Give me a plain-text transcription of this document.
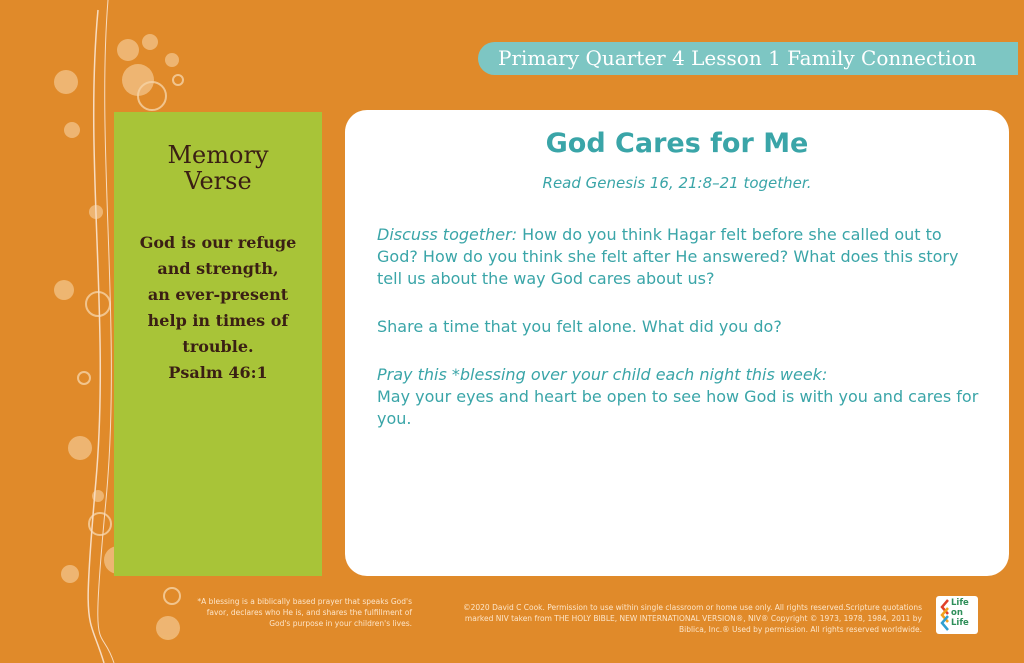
Primary Quarter 4 Lesson 1 Family Connection
Memory
Verse
God is our refuge
and strength,
an ever-present
help in times of
trouble.
Psalm 46:1
God Cares for Me
Read Genesis 16, 21:8–21 together.
Discuss together: How do you think Hagar felt before she called out to God? How do you think she felt after He answered? What does this story tell us about the way God cares about us?
Share a time that you felt alone. What did you do?
Pray this *blessing over your child each night this week:
May your eyes and heart be open to see how God is with you and cares for you.
*A blessing is a biblically based prayer that speaks God's favor, declares who He is, and shares the fulfillment of God's purpose in your children's lives.
©2020 David C Cook. Permission to use within single classroom or home use only. All rights reserved.Scripture quotations marked NIV taken from THE HOLY BIBLE, NEW INTERNATIONAL VERSION®, NIV® Copyright © 1973, 1978, 1984, 2011 by Biblica, Inc.® Used by permission. All rights reserved worldwide.
Life
on
Life
